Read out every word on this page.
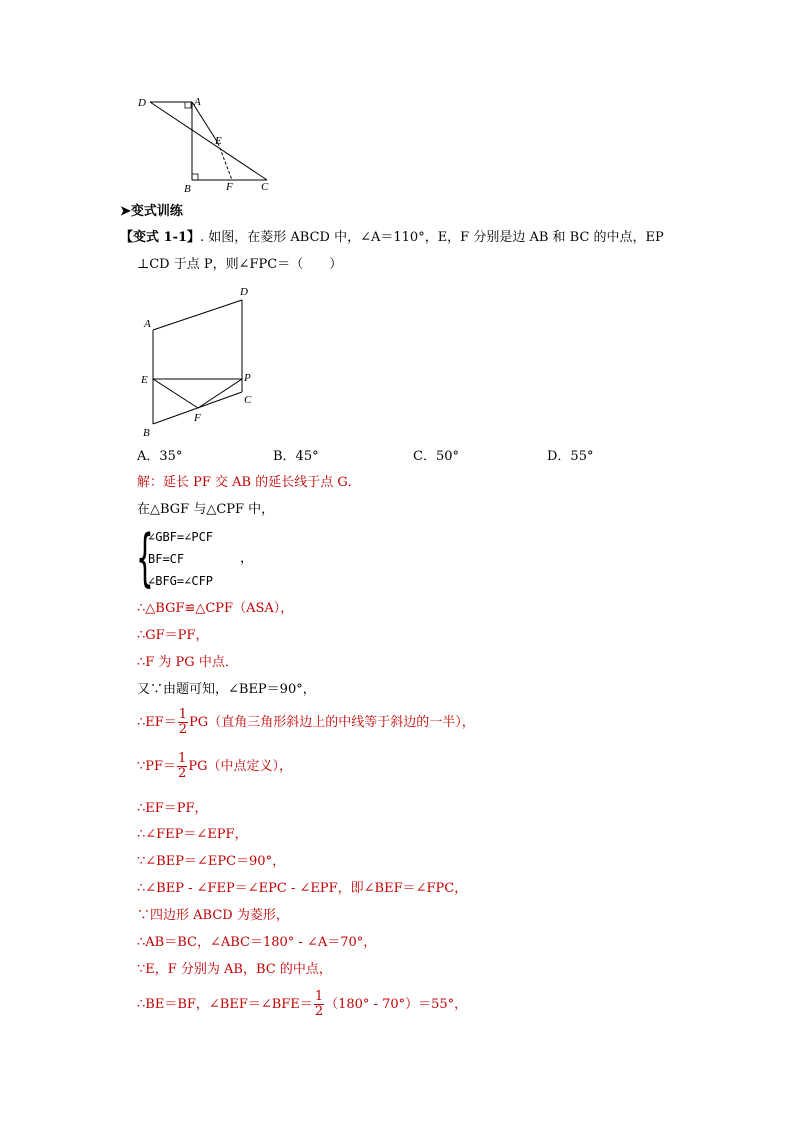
D	A
E
B	F	C
➤变式训练
【变式 1-1】. 如图，在菱形 ABCD 中，∠A＝110°，E，F 分别是边 AB 和 BC 的中点，EP
⊥CD 于点 P，则∠FPC＝（　　）
A
D
E	P
C
F
B
A．35°	B．45°	C．50°	D．55°
解：延长 PF 交 AB 的延长线于点 G．
在△BGF 与△CPF 中，
{
∠GBF=∠PCF
BF=CF
∠BFG=∠CFP
，
∴△BGF≌△CPF（ASA），
∴GF＝PF，
∴F 为 PG 中点．
又∵由题可知，∠BEP＝90°，
∴EF＝ $\frac{1}{2} PG$（直角三角形斜边上的中线等于斜边的一半），
∵PF＝ $\frac{1}{2} PG$（中点定义），
∴EF＝PF，
∴∠FEP＝∠EPF，
∵∠BEP＝∠EPC＝90°，
∴∠BEP - ∠FEP＝∠EPC - ∠EPF，即∠BEF＝∠FPC，
∵四边形 ABCD 为菱形，
∴AB＝BC，∠ABC＝180° - ∠A＝70°，
∵E，F 分别为 AB，BC 的中点，
∴BE＝BF，∠BEF＝∠BFE＝ $\frac{1}{2} (180^\circ - 70^\circ)=55^\circ$，
